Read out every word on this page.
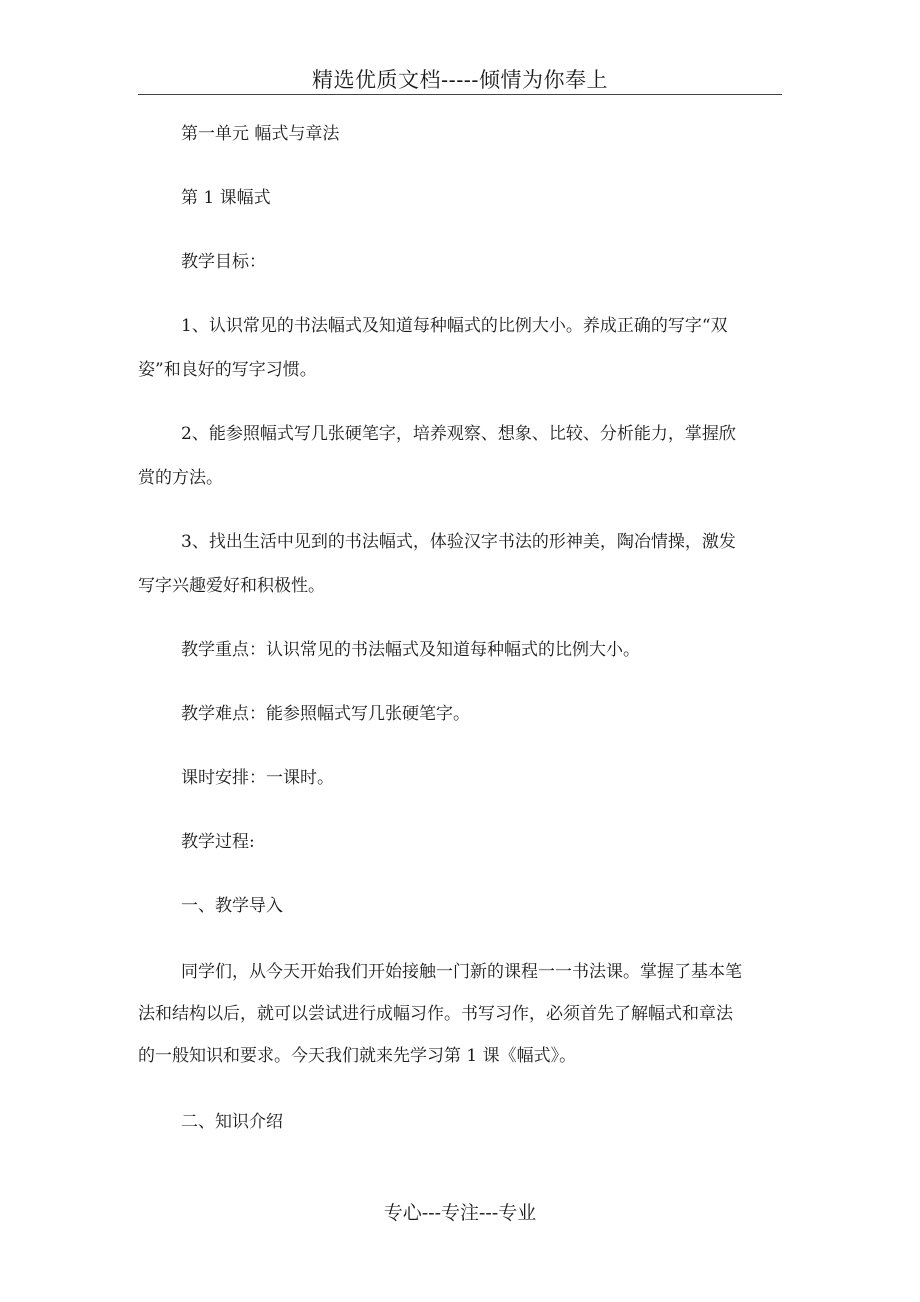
精选优质文档-----倾情为你奉上
第一单元 幅式与章法
第 1 课幅式
教学目标：
1、认识常见的书法幅式及知道每种幅式的比例大小。养成正确的写字“双
姿”和良好的写字习惯。
2、能参照幅式写几张硬笔字，培养观察、想象、比较、分析能力，掌握欣
赏的方法。
3、找出生活中见到的书法幅式，体验汉字书法的形神美，陶冶情操，激发
写字兴趣爱好和积极性。
教学重点：认识常见的书法幅式及知道每种幅式的比例大小。
教学难点：能参照幅式写几张硬笔字。
课时安排：一课时。
教学过程:
一、教学导入
同学们，从今天开始我们开始接触一门新的课程一一书法课。掌握了基本笔
法和结构以后，就可以尝试进行成幅习作。书写习作，必须首先了解幅式和章法
的一般知识和要求。今天我们就来先学习第 1 课《幅式》。
二、知识介绍
专心---专注---专业
